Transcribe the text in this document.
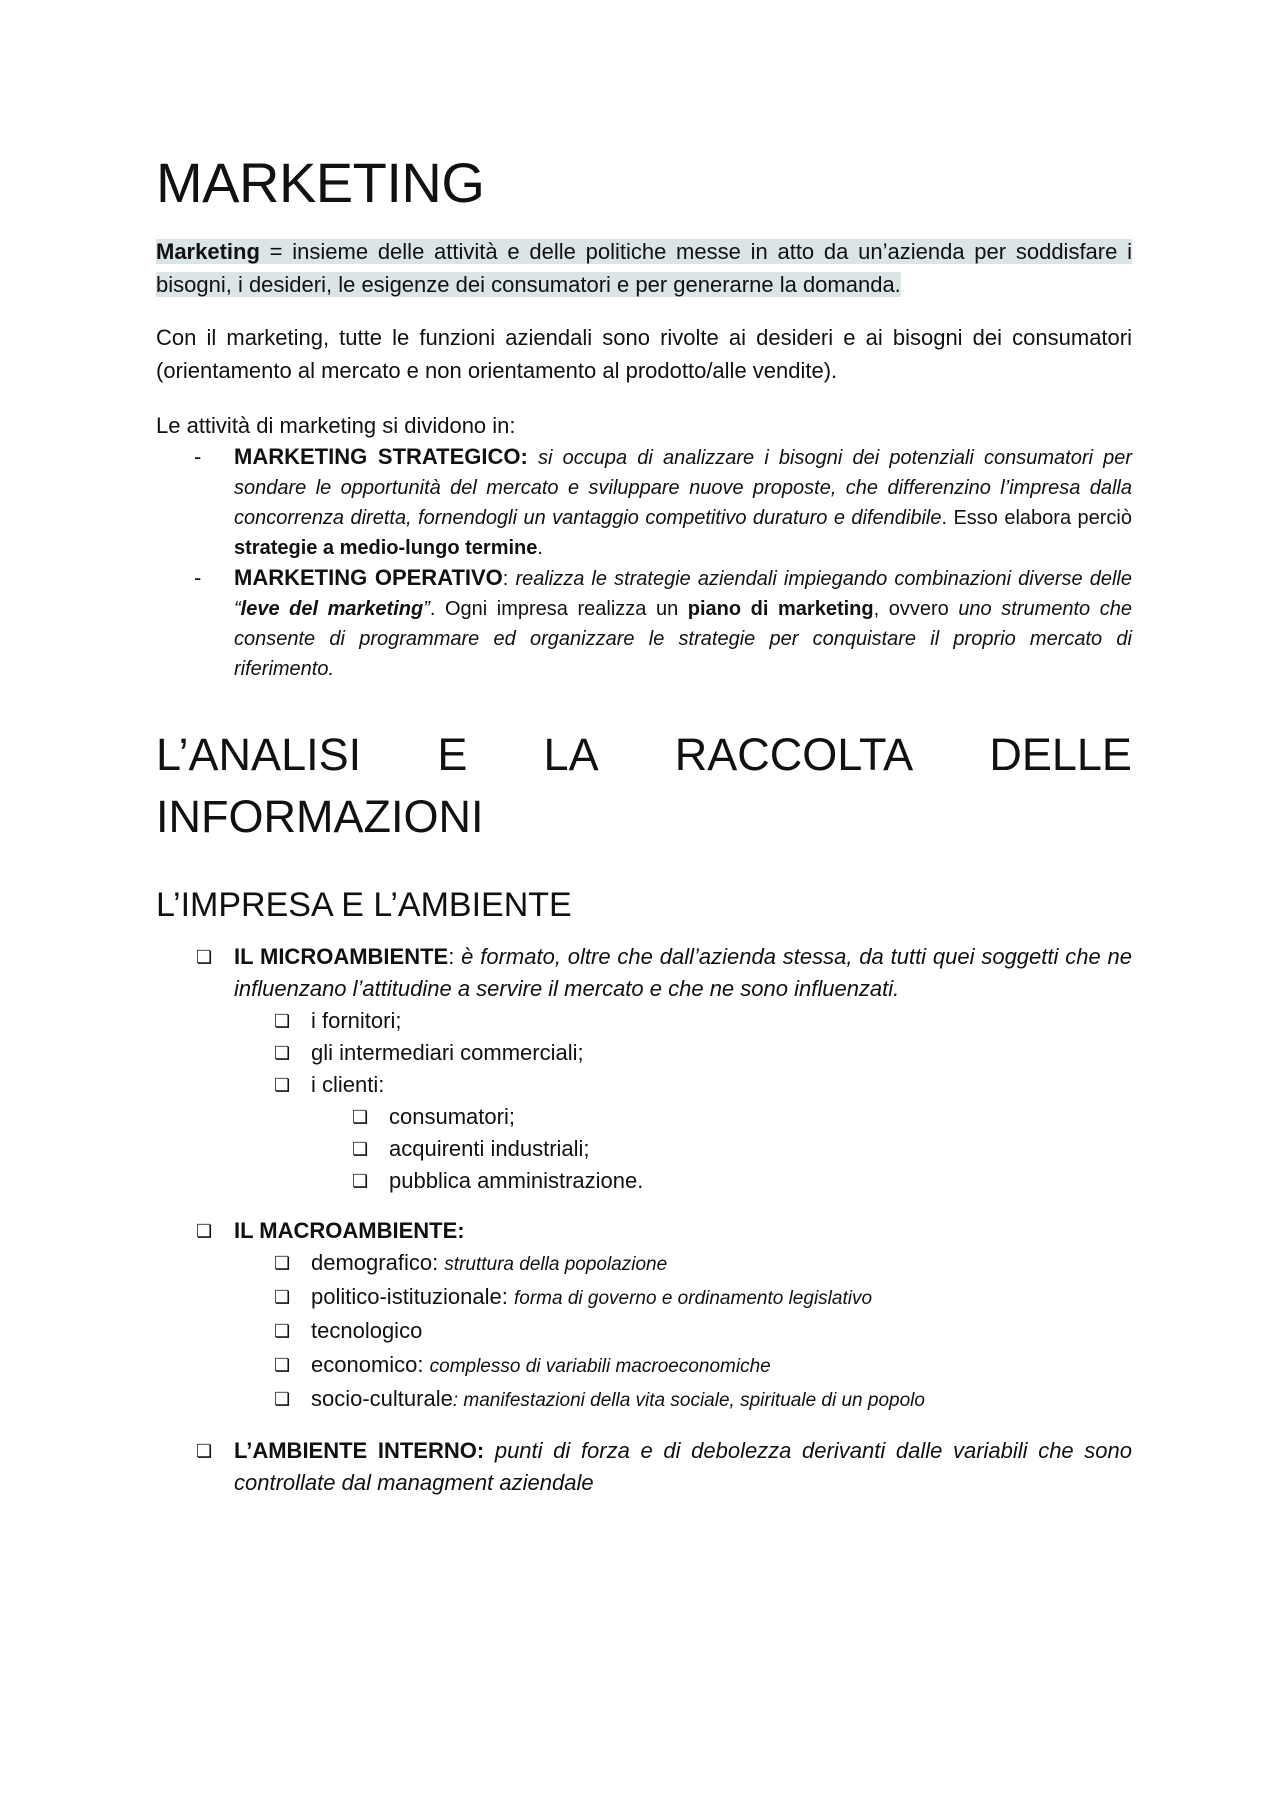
MARKETING

Marketing = insieme delle attività e delle politiche messe in atto da un’azienda per soddisfare i bisogni, i desideri, le esigenze dei consumatori e per generarne la domanda.

Con il marketing, tutte le funzioni aziendali sono rivolte ai desideri e ai bisogni dei consumatori (orientamento al mercato e non orientamento al prodotto/alle vendite).

Le attività di marketing si dividono in:

- MARKETING STRATEGICO: si occupa di analizzare i bisogni dei potenziali consumatori per sondare le opportunità del mercato e sviluppare nuove proposte, che differenzino l’impresa dalla concorrenza diretta, fornendogli un vantaggio competitivo duraturo e difendibile. Esso elabora perciò strategie a medio-lungo termine.
- MARKETING OPERATIVO: realizza le strategie aziendali impiegando combinazioni diverse delle “leve del marketing”. Ogni impresa realizza un piano di marketing, ovvero uno strumento che consente di programmare ed organizzare le strategie per conquistare il proprio mercato di riferimento.
L’ANALISI E LA RACCOLTA DELLE
INFORMAZIONI
L’IMPRESA E L’AMBIENTE
❏ IL MICROAMBIENTE: è formato, oltre che dall’azienda stessa, da tutti quei soggetti che ne influenzano l’attitudine a servire il mercato e che ne sono influenzati.
❏ i fornitori;
❏ gli intermediari commerciali;
❏ i clienti:
❏ consumatori;
❏ acquirenti industriali;
❏ pubblica amministrazione.
❏ IL MACROAMBIENTE:
❏ demografico: struttura della popolazione
❏ politico-istituzionale: forma di governo e ordinamento legislativo
❏ tecnologico
❏ economico: complesso di variabili macroeconomiche
❏ socio-culturale: manifestazioni della vita sociale, spirituale di un popolo
❏ L’AMBIENTE INTERNO: punti di forza e di debolezza derivanti dalle variabili che sono controllate dal managment aziendale
